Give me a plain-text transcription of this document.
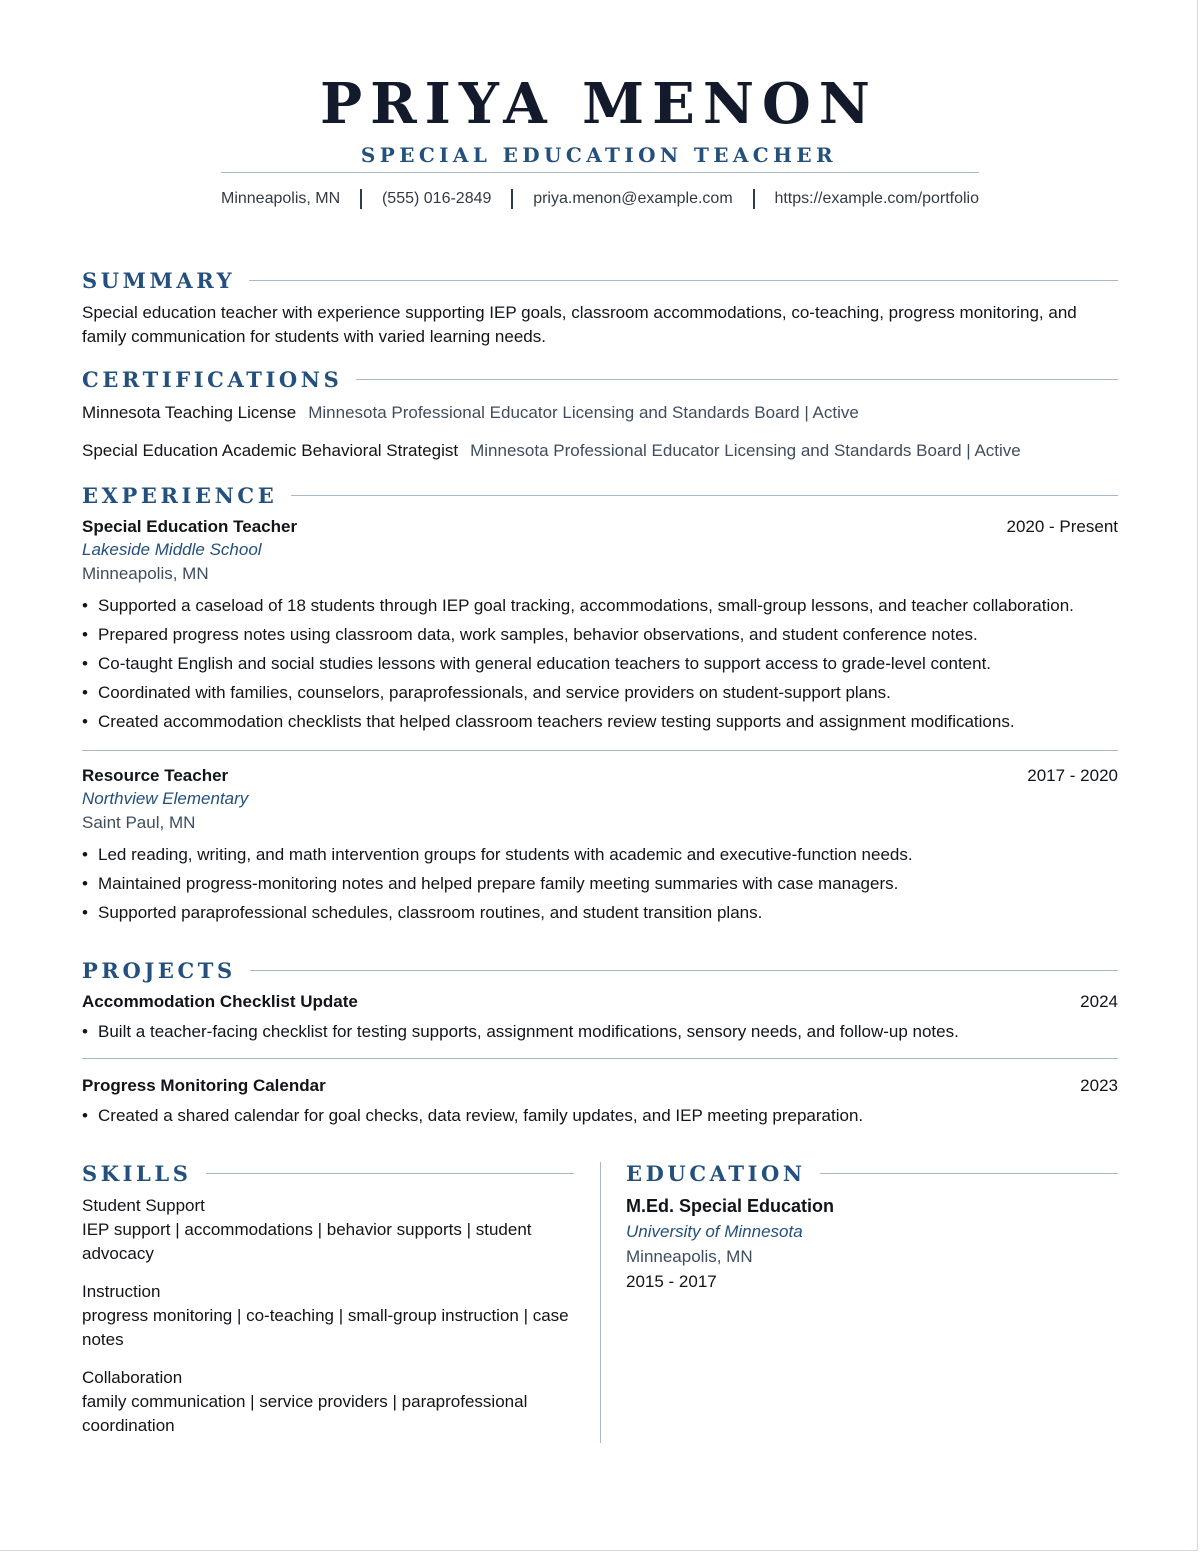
PRIYA MENON
SPECIAL EDUCATION TEACHER
Minneapolis, MN	(555) 016-2849	priya.menon@example.com	https://example.com/portfolio
SUMMARY
Special education teacher with experience supporting IEP goals, classroom accommodations, co-teaching, progress monitoring, and family communication for students with varied learning needs.
CERTIFICATIONS
Minnesota Teaching License Minnesota Professional Educator Licensing and Standards Board | Active
Special Education Academic Behavioral Strategist Minnesota Professional Educator Licensing and Standards Board | Active
EXPERIENCE
Special Education Teacher	2020 - Present
Lakeside Middle School
Minneapolis, MN
• Supported a caseload of 18 students through IEP goal tracking, accommodations, small-group lessons, and teacher collaboration.
• Prepared progress notes using classroom data, work samples, behavior observations, and student conference notes.
• Co-taught English and social studies lessons with general education teachers to support access to grade-level content.
• Coordinated with families, counselors, paraprofessionals, and service providers on student-support plans.
• Created accommodation checklists that helped classroom teachers review testing supports and assignment modifications.
Resource Teacher	2017 - 2020
Northview Elementary
Saint Paul, MN
• Led reading, writing, and math intervention groups for students with academic and executive-function needs.
• Maintained progress-monitoring notes and helped prepare family meeting summaries with case managers.
• Supported paraprofessional schedules, classroom routines, and student transition plans.
PROJECTS
Accommodation Checklist Update	2024
• Built a teacher-facing checklist for testing supports, assignment modifications, sensory needs, and follow-up notes.
Progress Monitoring Calendar	2023
• Created a shared calendar for goal checks, data review, family updates, and IEP meeting preparation.
SKILLS
Student Support
IEP support | accommodations | behavior supports | student advocacy
Instruction
progress monitoring | co-teaching | small-group instruction | case notes
Collaboration
family communication | service providers | paraprofessional coordination
EDUCATION
M.Ed. Special Education
University of Minnesota
Minneapolis, MN
2015 - 2017
